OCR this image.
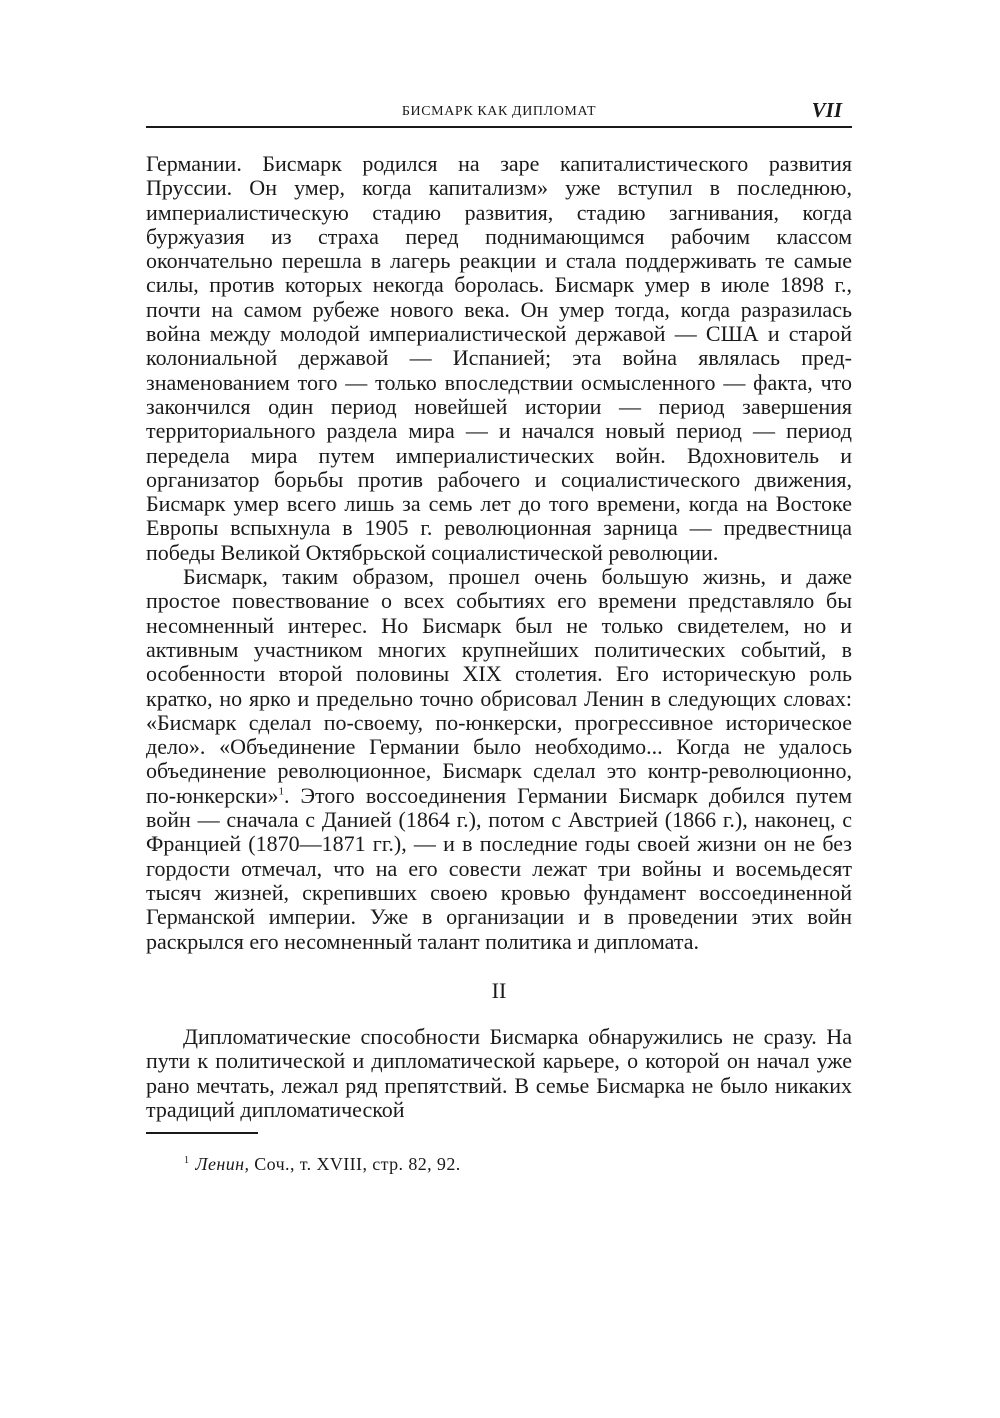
БИСМАРК КАК ДИПЛОМАТ	VII

Германии. Бисмарк родился на заре капиталистического развития Пруссии. Он умер, когда капитализм» уже вступил в последнюю, империалистическую стадию развития, стадию загнивания, когда буржуазия из страха перед поднимающимся рабочим классом окончательно перешла в лагерь реакции и стала поддерживать те самые силы, против которых некогда боролась. Бисмарк умер в июле 1898 г., почти на самом рубеже нового века. Он умер тогда, когда разразилась война между молодой империалистической державой — США и старой колониальной державой — Испанией; эта война являлась предзнаменованием того — только впоследствии осмысленного — факта, что закончился один период новейшей истории — период завершения территориального раздела мира — и начался новый период — период передела мира путем империалистических войн. Вдохновитель и организатор борьбы против рабочего и социалистического движения, Бисмарк умер всего лишь за семь лет до того времени, когда на Востоке Европы вспыхнула в 1905 г. революционная зарница — предвестница победы Великой Октябрьской социалистической революции.

Бисмарк, таким образом, прошел очень большую жизнь, и даже простое повествование о всех событиях его времени представляло бы несомненный интерес. Но Бисмарк был не только свидетелем, но и активным участником многих крупнейших политических событий, в особенности второй половины XIX столетия. Его историческую роль кратко, но ярко и предельно точно обрисовал Ленин в следующих словах: «Бисмарк сделал по-своему, по-юнкерски, прогрессивное историческое дело». «Объединение Германии было необходимо... Когда не удалось объединение революционное, Бисмарк сделал это контр-революционно, по-юнкерски»$^1$. Этого воссоединения Германии Бисмарк добился путем войн — сначала с Данией (1864 г.), потом с Австрией (1866 г.), наконец, с Францией (1870—1871 гг.), — и в последние годы своей жизни он не без гордости отмечал, что на его совести лежат три войны и восемьдесят тысяч жизней, скрепивших своею кровью фундамент воссоединенной Германской империи. Уже в организации и в проведении этих войн раскрылся его несомненный талант политика и дипломата.

II

Дипломатические способности Бисмарка обнаружились не сразу. На пути к политической и дипломатической карьере, о которой он начал уже рано мечтать, лежал ряд препятствий. В семье Бисмарка не было никаких традиций дипломатической

$^1$ Ленин, Соч., т. XVIII, стр. 82, 92.
